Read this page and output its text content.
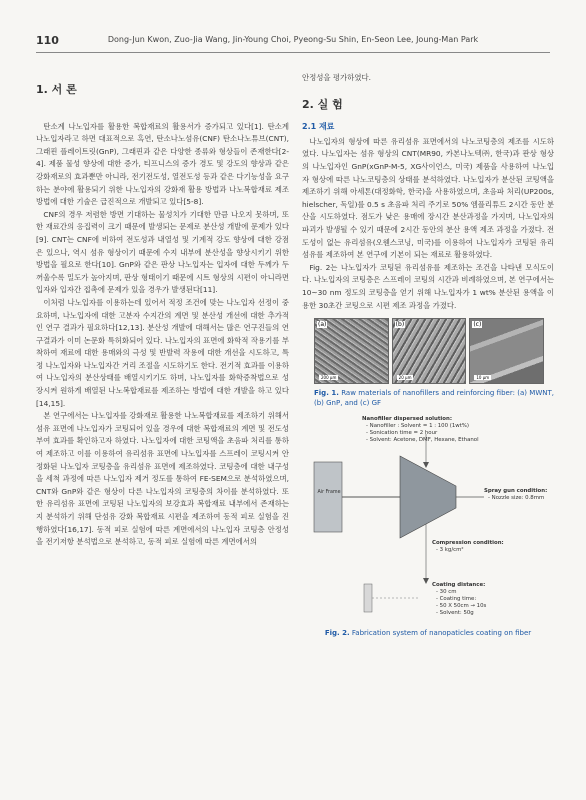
110	Dong-Jun Kwon, Zuo-Jia Wang, Jin-Young Choi, Pyeong-Su Shin, En-Seon Lee, Joung-Man Park
1. 서 론

탄소계 나노입자를 활용한 복합재료의 활용서가 증가되고 있다[1]. 탄소계 나노입자라고 하면 대표적으로 흑연, 탄소나노섬유(CNF) 탄소나노튜브(CNT), 그래핀 플레이트릿(GnP), 그래핀과 같은 다양한 종류와 형상들이 존재한다[2-4]. 제품 물성 향상에 대한 증가, 티프니스의 증가 경도 및 강도의 향상과 같은 강화재로의 효과뿐만 아니라, 전기전도성, 열전도성 등과 같은 다기능성을 요구하는 분야에 활용되기 위한 나노입자의 강화재 활용 방법과 나노복합재료 제조 방법에 대한 기술은 급진적으로 개발되고 있다[5-8].

CNF의 경우 저렴한 방면 기대하는 물성치가 기대한 만큼 나오지 못하며, 또한 재료간의 응집력이 크기 때문에 발생되는 문제로 분산성 개발에 문제가 있다[9]. CNT는 CNF에 비하여 전도성과 내열성 및 기계적 강도 향상에 대한 강점은 있으나, 역시 섬유 형상이기 때문에 수지 내부에 분산성을 향상시키기 위한 방법을 필요로 한다[10]. GnP와 같은 판상 나노입자는 입자에 대한 두께가 두꺼울수록 밀도가 높아지며, 판상 형태이기 때문에 시트 형상의 시편이 아니라면 입자와 입자간 접촉에 문제가 있을 경우가 발생된다[11].

이처럼 나노입자를 이용하는데 있어서 적정 조건에 맞는 나노입자 선정이 중요하며, 나노입자에 대한 고분자 수지간의 계면 및 분산성 개선에 대한 추가적인 연구 결과가 필요하다[12,13]. 분산성 개발에 대해서는 많은 연구진들의 연구결과가 이미 논문화 특허화되어 있다. 나노입자의 표면에 화학적 작용기를 부착하여 재료에 대한 용매와의 극성 및 반발력 작용에 대한 개선을 시도하고, 특정 나노입자와 나노입자간 거리 조절을 시도하기도 한다. 전기적 효과를 이용하여 나노입자의 분산상태를 배열시키기도 하며, 나노입자를 화학증착법으로 성장시켜 원하게 배열된 나노복합재료를 제조하는 방법에 대한 개발을 하고 있다[14,15].

본 연구에서는 나노입자를 강화재로 활용한 나노복합재료를 제조하기 위해서 섬유 표면에 나노입자가 코팅되어 있을 경우에 대한 복합재료의 계면 및 전도성 부여 효과를 확인하고자 하였다. 나노입자에 대한 코팅액을 초음파 처리를 통하여 제조하고 이를 이용하여 유리섬유 표면에 나노입자를 스프레이 코팅시켜 안정화된 나노입자 코팅층을 유리섬유 표면에 제조하였다. 코팅층에 대한 내구성을 세척 과정에 따른 나노입자 제거 정도를 통하여 FE-SEM으로 분석하였으며, CNT와 GnP와 같은 형상이 다른 나노입자의 코팅층의 차이를 분석하였다. 또한 유리섬유 표면에 코팅된 나노입자의 보강효과 복합재료 내부에서 존재하는지 분석하기 위해 단섬유 강화 복합재료 시편을 제조하여 동적 피로 실험을 진행하였다[16,17]. 동적 피로 실험에 따른 계면에서의 나노입자 코팅층 안정성을 전기저항 분석법으로 분석하고, 동적 피로 실험에 따른 계면에서의

안정성을 평가하였다.

2. 실 험
2.1 재료

나노입자의 형상에 따른 유리섬유 표면에서의 나노코팅층의 제조를 시도하였다. 나노입자는 섬유 형상의 CNT(MR90, 카본나노텍㈜, 한국)과 판상 형상의 나노입자인 GnP(xGnP-M-5, XG사이언스, 미국) 제품을 사용하여 나노입자 형상에 따른 나노코팅층의 상태를 분석하였다. 나노입자가 분산된 코팅액을 제조하기 위해 아세톤(대정화학, 한국)을 사용하였으며, 초음파 처리(UP200s, hielscher, 독일)를 0.5 s 초음파 처리 주기로 50% 엠플리튜드 2시간 동안 분산을 시도하였다. 점도가 낮은 용매에 장시간 분산과정을 가지며, 나노입자의 파괴가 발생될 수 있기 때문에 2시간 동안의 분산 용액 제조 과정을 가졌다. 전도성이 없는 유리섬유(오웬스코닝, 미국)를 이용하여 나노입자가 코팅된 유리섬유를 제조하여 본 연구에 기본이 되는 재료로 활용하였다.

Fig. 2는 나노입자가 코팅된 유리섬유를 제조하는 조건을 나타낸 모식도이다. 나노입자의 코팅층은 스프레이 코팅의 시간과 비례하였으며, 본 연구에서는 10~30 nm 정도의 코팅층을 얻기 위해 나노입자가 1 wt% 분산된 용액을 이용한 30초간 코팅으로 시편 제조 과정을 가졌다.

(a)
200 μm
(b)
20 μm
(c)
10 μm
Fig. 1. Raw materials of nanofillers and reinforcing fiber: (a) MWNT, (b) GnP, and (c) GF
Nanofiller dispersed solution:
- Nanofiller : Solvent = 1 : 100 (1wt%)
- Sonication time = 2 hour
- Solvent: Acetone, DMF, Hexane, Ethanol
Air Frame	Spray gun condition:
- Nozzle size: 0.8mm
Compression condition:
- 3 kg/cm²
Coating distance:
- 30 cm
- Coating time:
- 50 X 50cm → 10s
- Solvent: 50g
Fig. 2. Fabrication system of nanopaticles coating on fiber
